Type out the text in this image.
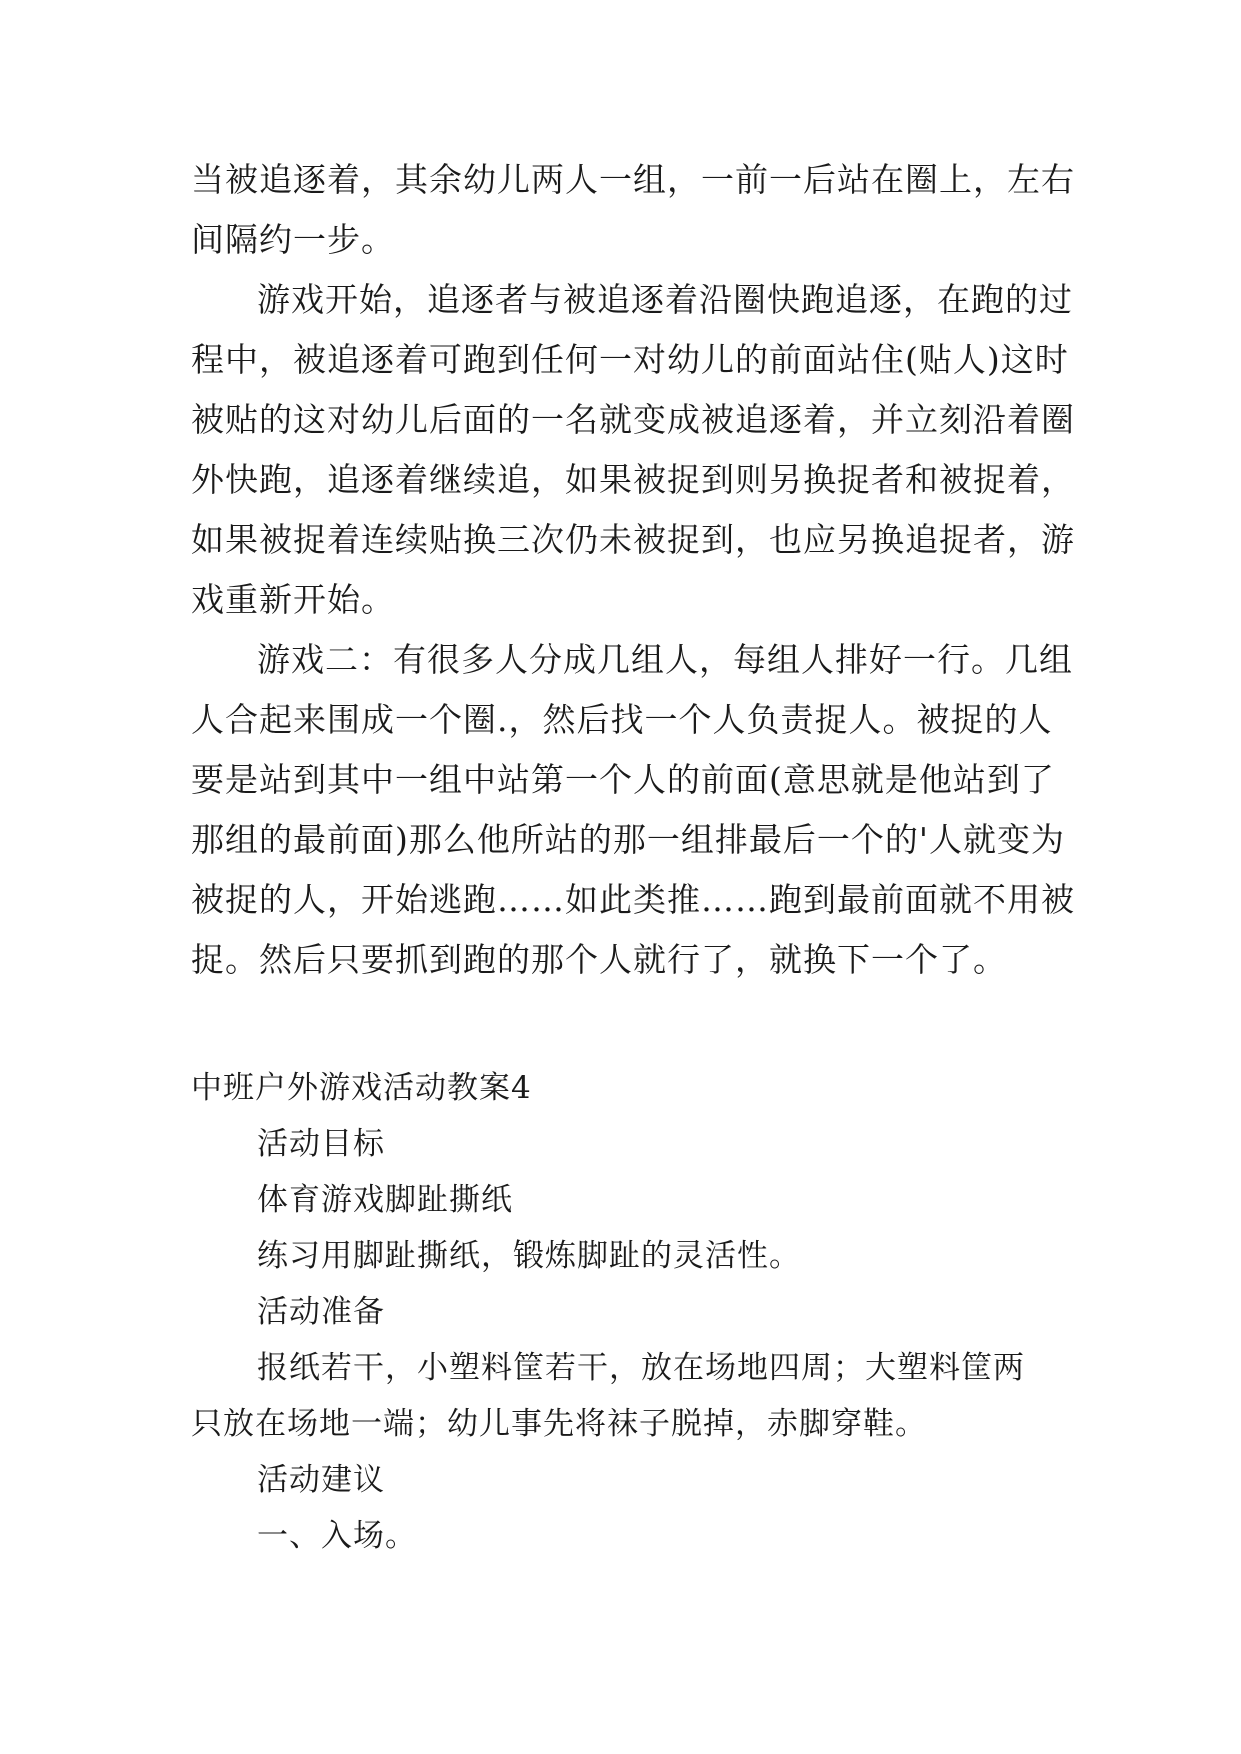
当被追逐着，其余幼儿两人一组，一前一后站在圈上，左右
间隔约一步。
游戏开始，追逐者与被追逐着沿圈快跑追逐，在跑的过
程中，被追逐着可跑到任何一对幼儿的前面站住(贴人)这时
被贴的这对幼儿后面的一名就变成被追逐着，并立刻沿着圈
外快跑，追逐着继续追，如果被捉到则另换捉者和被捉着，
如果被捉着连续贴换三次仍未被捉到，也应另换追捉者，游
戏重新开始。
游戏二：有很多人分成几组人，每组人排好一行。几组
人合起来围成一个圈.，然后找一个人负责捉人。被捉的人
要是站到其中一组中站第一个人的前面(意思就是他站到了
那组的最前面)那么他所站的那一组排最后一个的'人就变为
被捉的人，开始逃跑……如此类推……跑到最前面就不用被
捉。然后只要抓到跑的那个人就行了，就换下一个了。
中班户外游戏活动教案4
活动目标
体育游戏脚趾撕纸
练习用脚趾撕纸，锻炼脚趾的灵活性。
活动准备
报纸若干，小塑料筐若干，放在场地四周；大塑料筐两
只放在场地一端；幼儿事先将袜子脱掉，赤脚穿鞋。
活动建议
一、入场。
